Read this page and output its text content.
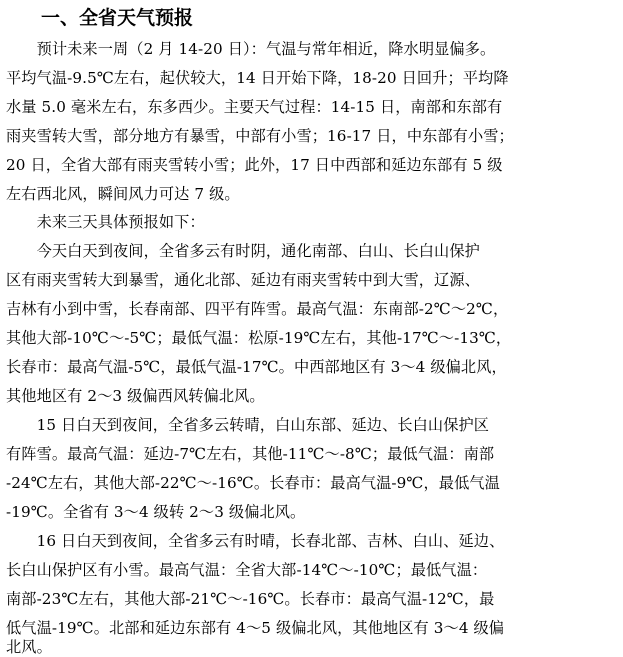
一、全省天气预报
　　预计未来一周（2 月 14-20 日）：气温与常年相近，降水明显偏多。
平均气温-9.5℃左右，起伏较大，14 日开始下降，18-20 日回升；平均降
水量 5.0 毫米左右，东多西少。主要天气过程：14-15 日，南部和东部有
雨夹雪转大雪，部分地方有暴雪，中部有小雪；16-17 日，中东部有小雪；
20 日，全省大部有雨夹雪转小雪；此外，17 日中西部和延边东部有 5 级
左右西北风，瞬间风力可达 7 级。
　　未来三天具体预报如下：
　　今天白天到夜间，全省多云有时阴，通化南部、白山、长白山保护
区有雨夹雪转大到暴雪，通化北部、延边有雨夹雪转中到大雪，辽源、
吉林有小到中雪，长春南部、四平有阵雪。最高气温：东南部-2℃～2℃，
其他大部-10℃～-5℃；最低气温：松原-19℃左右，其他-17℃～-13℃，
长春市：最高气温-5℃，最低气温-17℃。中西部地区有 3～4 级偏北风，
其他地区有 2～3 级偏西风转偏北风。
　　15 日白天到夜间，全省多云转晴，白山东部、延边、长白山保护区
有阵雪。最高气温：延边-7℃左右，其他-11℃～-8℃；最低气温：南部
-24℃左右，其他大部-22℃～-16℃。长春市：最高气温-9℃，最低气温
-19℃。全省有 3～4 级转 2～3 级偏北风。
　　16 日白天到夜间，全省多云有时晴，长春北部、吉林、白山、延边、
长白山保护区有小雪。最高气温：全省大部-14℃～-10℃；最低气温：
南部-23℃左右，其他大部-21℃～-16℃。长春市：最高气温-12℃，最
低气温-19℃。北部和延边东部有 4～5 级偏北风，其他地区有 3～4 级偏
北风。
